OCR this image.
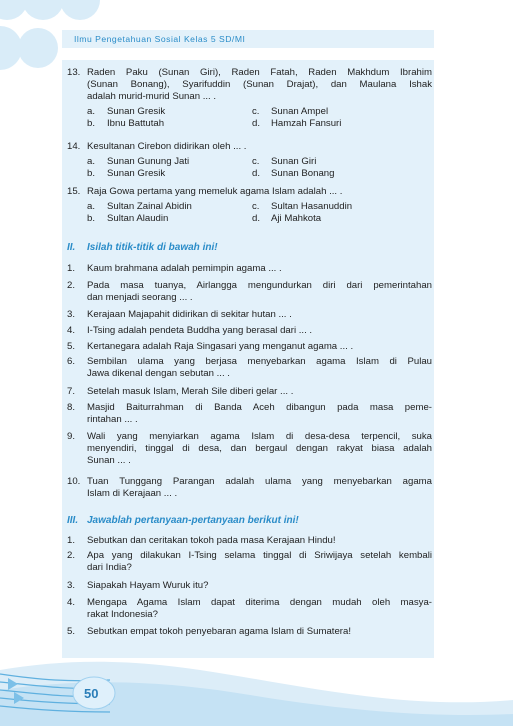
Ilmu Pengetahuan Sosial Kelas 5 SD/MI
13. Raden Paku (Sunan Giri), Raden Fatah, Raden Makhdum Ibrahim
(Sunan Bonang), Syarifuddin (Sunan Drajat), dan Maulana Ishak
adalah murid-murid Sunan ... .
a. Sunan Gresik	c. Sunan Ampel
b. Ibnu Battutah	d. Hamzah Fansuri
14. Kesultanan Cirebon didirikan oleh ... .
a. Sunan Gunung Jati	c. Sunan Giri
b. Sunan Gresik	d. Sunan Bonang
15. Raja Gowa pertama yang memeluk agama Islam adalah ... .
a. Sultan Zainal Abidin	c. Sultan Hasanuddin
b. Sultan Alaudin	d. Aji Mahkota
II. Isilah titik-titik di bawah ini!
1. Kaum brahmana adalah pemimpin agama ... .
2. Pada masa tuanya, Airlangga mengundurkan diri dari pemerintahan
dan menjadi seorang ... .
3. Kerajaan Majapahit didirikan di sekitar hutan ... .
4. I-Tsing adalah pendeta Buddha yang berasal dari ... .
5. Kertanegara adalah Raja Singasari yang menganut agama ... .
6. Sembilan ulama yang berjasa menyebarkan agama Islam di Pulau
Jawa dikenal dengan sebutan ... .
7. Setelah masuk Islam, Merah Sile diberi gelar ... .
8. Masjid Baiturrahman di Banda Aceh dibangun pada masa peme-
rintahan ... .
9. Wali yang menyiarkan agama Islam di desa-desa terpencil, suka
menyendiri, tinggal di desa, dan bergaul dengan rakyat biasa adalah
Sunan ... .
10. Tuan Tunggang Parangan adalah ulama yang menyebarkan agama
Islam di Kerajaan ... .
III. Jawablah pertanyaan-pertanyaan berikut ini!
1. Sebutkan dan ceritakan tokoh pada masa Kerajaan Hindu!
2. Apa yang dilakukan I-Tsing selama tinggal di Sriwijaya setelah kembali
dari India?
3. Siapakah Hayam Wuruk itu?
4. Mengapa Agama Islam dapat diterima dengan mudah oleh masya-
rakat Indonesia?
5. Sebutkan empat tokoh penyebaran agama Islam di Sumatera!
50
